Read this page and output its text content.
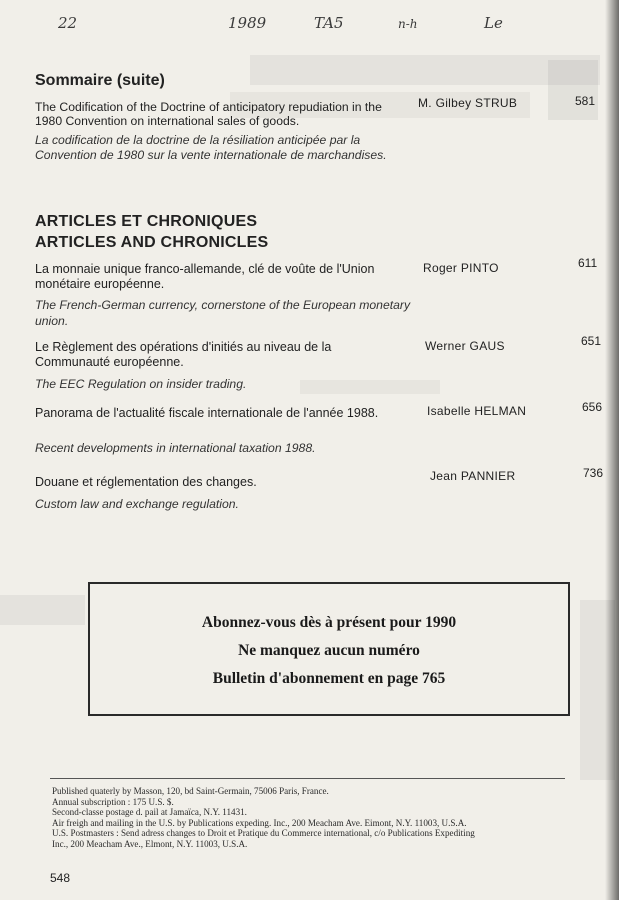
22	1989	TA5	n-h	Le
Sommaire (suite)
The Codification of the Doctrine of anticipatory repudiation in the 1980 Convention on international sales of goods.
La codification de la doctrine de la résiliation anticipée par la Convention de 1980 sur la vente internationale de marchandises.
M. Gilbey STRUB	581
ARTICLES ET CHRONIQUES
ARTICLES AND CHRONICLES
La monnaie unique franco-allemande, clé de voûte de l'Union monétaire européenne.
The French-German currency, cornerstone of the European monetary union.
Roger PINTO	611
Le Règlement des opérations d'initiés au niveau de la Communauté européenne.
The EEC Regulation on insider trading.
Werner GAUS	651
Panorama de l'actualité fiscale internationale de l'année 1988.
Recent developments in international taxation 1988.
Isabelle HELMAN	656
Douane et réglementation des changes.
Custom law and exchange regulation.
Jean PANNIER	736
Abonnez-vous dès à présent pour 1990
Ne manquez aucun numéro
Bulletin d'abonnement en page 765
Published quaterly by Masson, 120, bd Saint-Germain, 75006 Paris, France.
Annual subscription : 175 U.S. $.
Second-classe postage d. pail at Jamaïca, N.Y. 11431.
Air freigh and mailing in the U.S. by Publications expeding. Inc., 200 Meacham Ave. Eimont, N.Y. 11003, U.S.A.
U.S. Postmasters : Send adress changes to Droit et Pratique du Commerce international, c/o Publications Expediting
Inc., 200 Meacham Ave., Elmont, N.Y. 11003, U.S.A.
548
